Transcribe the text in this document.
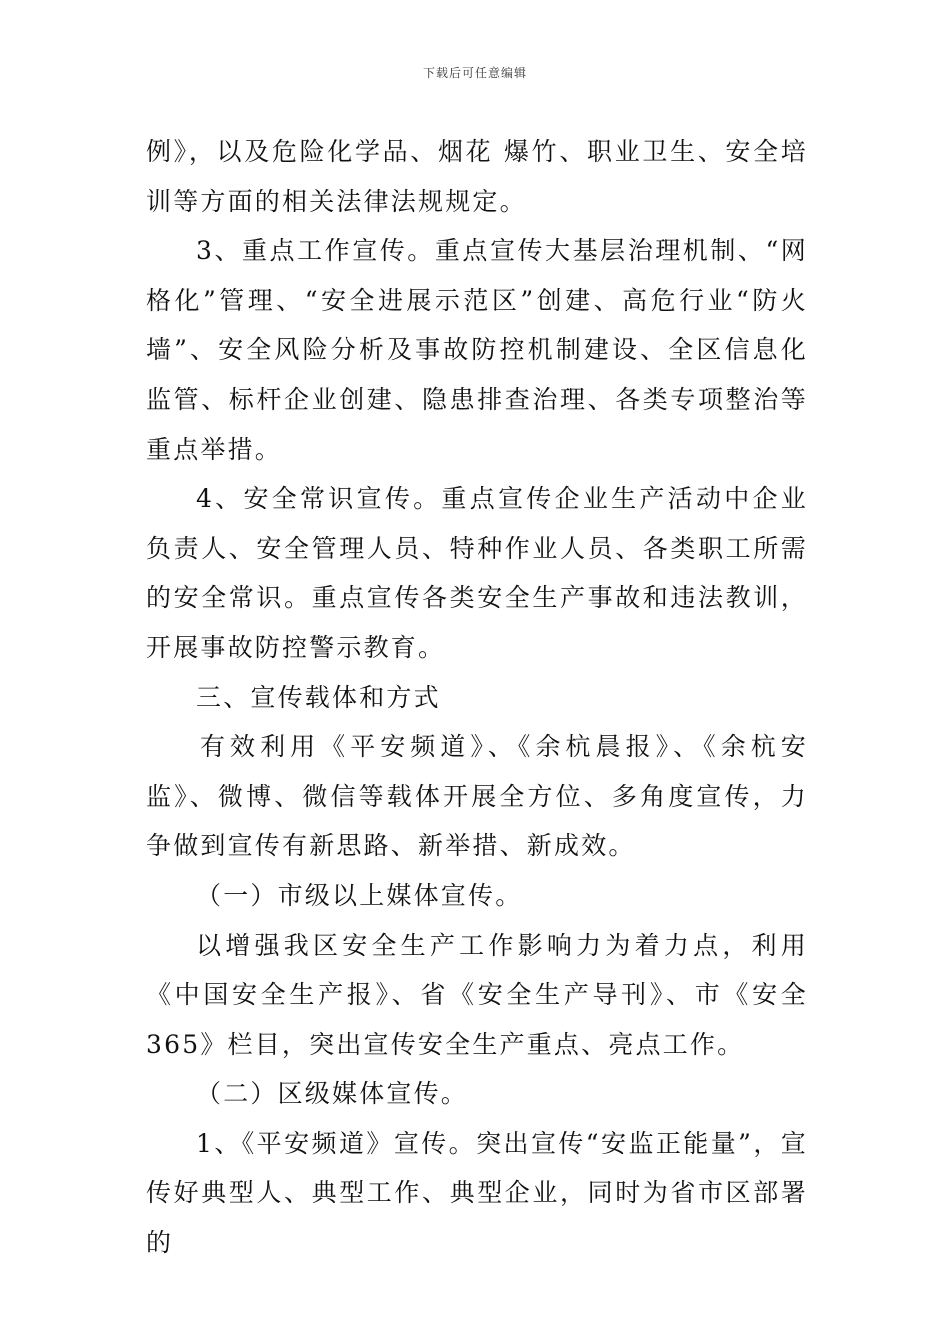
下载后可任意编辑

例》，以及危险化学品、烟花 爆竹、职业卫生、安全培训等方面的相关法律法规规定。

3、重点工作宣传。重点宣传大基层治理机制、“网格化”管理、“安全进展示范区”创建、高危行业“防火墙”、安全风险分析及事故防控机制建设、全区信息化监管、标杆企业创建、隐患排查治理、各类专项整治等重点举措。

4、安全常识宣传。重点宣传企业生产活动中企业负责人、安全管理人员、特种作业人员、各类职工所需的安全常识。重点宣传各类安全生产事故和违法教训，开展事故防控警示教育。

三、宣传载体和方式

有效利用《平安频道》、《余杭晨报》、《余杭安监》、微博、微信等载体开展全方位、多角度宣传，力争做到宣传有新思路、新举措、新成效。

（一）市级以上媒体宣传。

以增强我区安全生产工作影响力为着力点，利用《中国安全生产报》、省《安全生产导刊》、市《安全365》栏目，突出宣传安全生产重点、亮点工作。

（二）区级媒体宣传。

1、《平安频道》宣传。突出宣传“安监正能量”，宣传好典型人、典型工作、典型企业，同时为省市区部署的
